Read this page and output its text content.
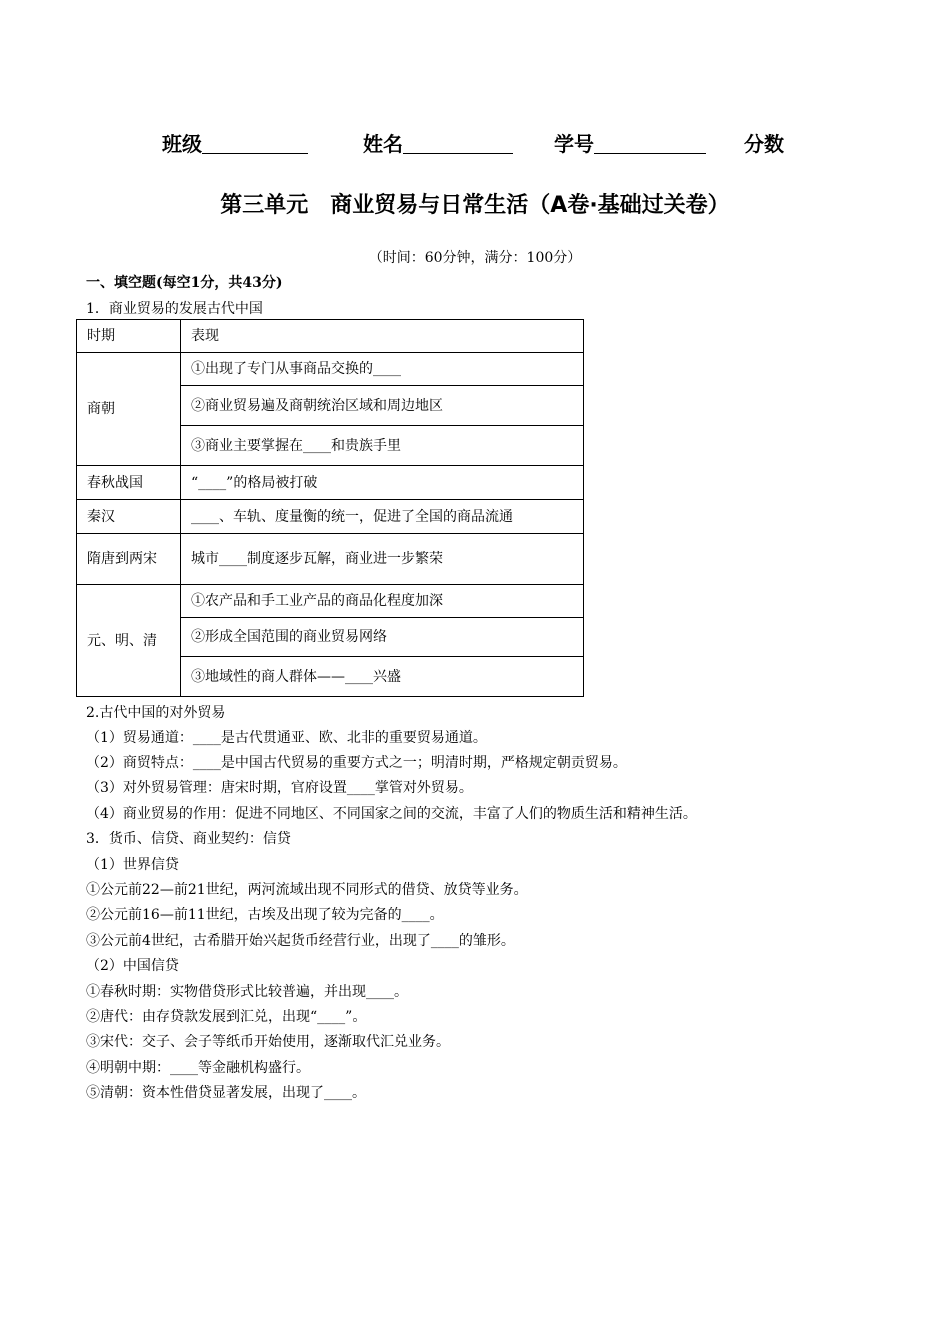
班级	姓名	学号	分数
第三单元　商业贸易与日常生活（A卷·基础过关卷）
（时间：60分钟，满分：100分）
一、填空题(每空1分，共43分)
1．商业贸易的发展古代中国
时期	表现
商朝	①出现了专门从事商品交换的____
	②商业贸易遍及商朝统治区域和周边地区
	③商业主要掌握在____和贵族手里
春秋战国	“____”的格局被打破
秦汉	____、车轨、度量衡的统一，促进了全国的商品流通
隋唐到两宋	城市____制度逐步瓦解，商业进一步繁荣
元、明、清	①农产品和手工业产品的商品化程度加深
	②形成全国范围的商业贸易网络
	③地域性的商人群体——____兴盛
2.古代中国的对外贸易
（1）贸易通道：____是古代贯通亚、欧、北非的重要贸易通道。
（2）商贸特点：____是中国古代贸易的重要方式之一；明清时期，严格规定朝贡贸易。
（3）对外贸易管理：唐宋时期，官府设置____掌管对外贸易。
（4）商业贸易的作用：促进不同地区、不同国家之间的交流，丰富了人们的物质生活和精神生活。
3．货币、信贷、商业契约：信贷
（1）世界信贷
①公元前22—前21世纪，两河流域出现不同形式的借贷、放贷等业务。
②公元前16—前11世纪，古埃及出现了较为完备的____。
③公元前4世纪，古希腊开始兴起货币经营行业，出现了____的雏形。
（2）中国信贷
①春秋时期：实物借贷形式比较普遍，并出现____。
②唐代：由存贷款发展到汇兑，出现“____”。
③宋代：交子、会子等纸币开始使用，逐渐取代汇兑业务。
④明朝中期：____等金融机构盛行。
⑤清朝：资本性借贷显著发展，出现了____。
